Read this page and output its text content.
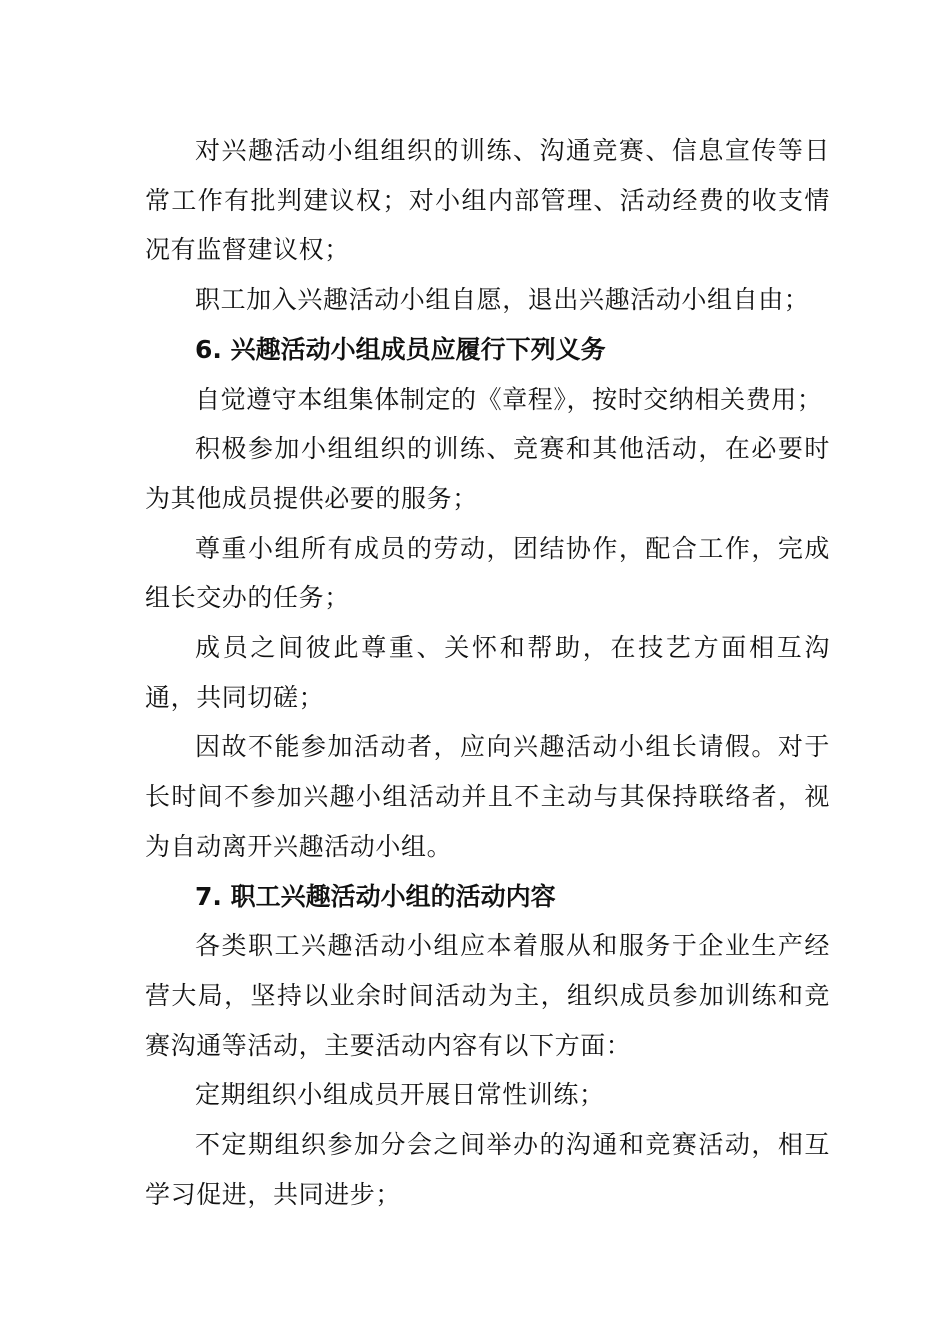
对兴趣活动小组组织的训练、沟通竞赛、信息宣传等日常工作有批判建议权；对小组内部管理、活动经费的收支情况有监督建议权；

职工加入兴趣活动小组自愿，退出兴趣活动小组自由；

6. 兴趣活动小组成员应履行下列义务

自觉遵守本组集体制定的《章程》，按时交纳相关费用；

积极参加小组组织的训练、竞赛和其他活动，在必要时为其他成员提供必要的服务；

尊重小组所有成员的劳动，团结协作，配合工作，完成组长交办的任务；

成员之间彼此尊重、关怀和帮助，在技艺方面相互沟通，共同切磋；

因故不能参加活动者，应向兴趣活动小组长请假。对于长时间不参加兴趣小组活动并且不主动与其保持联络者，视为自动离开兴趣活动小组。

7. 职工兴趣活动小组的活动内容

各类职工兴趣活动小组应本着服从和服务于企业生产经营大局，坚持以业余时间活动为主，组织成员参加训练和竞赛沟通等活动，主要活动内容有以下方面：

定期组织小组成员开展日常性训练；

不定期组织参加分会之间举办的沟通和竞赛活动，相互学习促进，共同进步；
